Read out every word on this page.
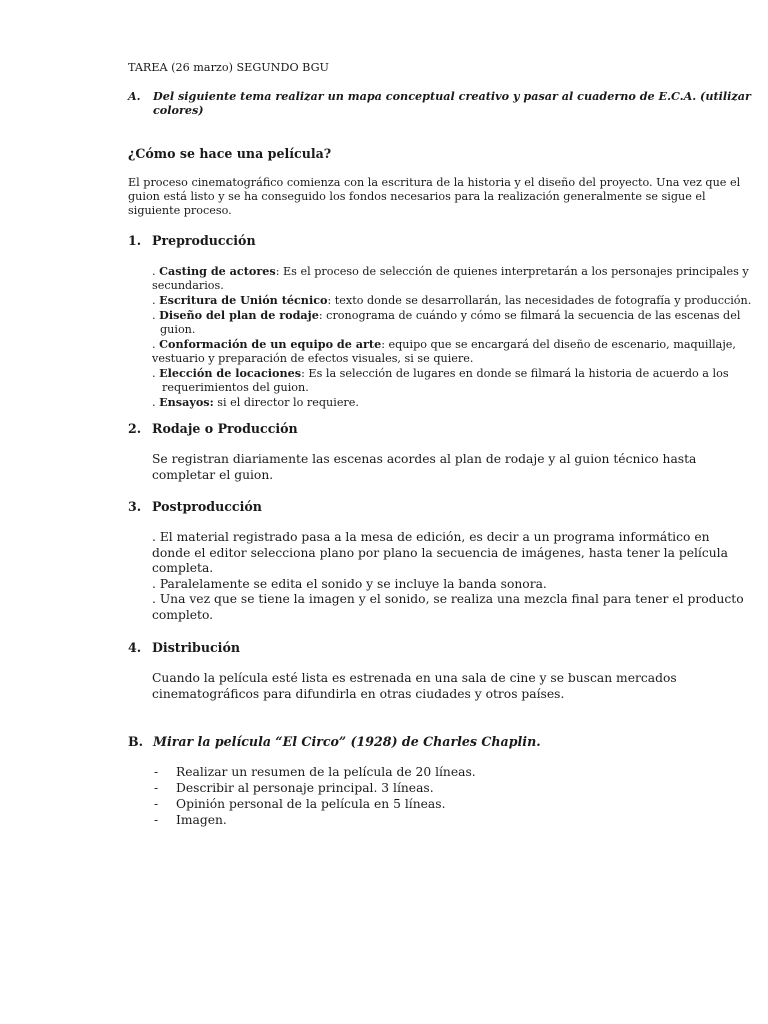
TAREA (26 marzo) SEGUNDO BGU
A. Del siguiente tema realizar un mapa conceptual creativo y pasar al cuaderno de E.C.A. (utilizar
colores)
¿Cómo se hace una película?
El proceso cinematográfico comienza con la escritura de la historia y el diseño del proyecto. Una vez que el
guion está listo y se ha conseguido los fondos necesarios para la realización generalmente se sigue el
siguiente proceso.
1. Preproducción
. Casting de actores: Es el proceso de selección de quienes interpretarán a los personajes principales y
secundarios.
. Escritura de Unión técnico: texto donde se desarrollarán, las necesidades de fotografía y producción.
. Diseño del plan de rodaje: cronograma de cuándo y cómo se filmará la secuencia de las escenas del
guion.
. Conformación de un equipo de arte: equipo que se encargará del diseño de escenario, maquillaje,
vestuario y preparación de efectos visuales, si se quiere.
. Elección de locaciones: Es la selección de lugares en donde se filmará la historia de acuerdo a los
requerimientos del guion.
. Ensayos: si el director lo requiere.
2. Rodaje o Producción
Se registran diariamente las escenas acordes al plan de rodaje y al guion técnico hasta
completar el guion.
3. Postproducción
. El material registrado pasa a la mesa de edición, es decir a un programa informático en
donde el editor selecciona plano por plano la secuencia de imágenes, hasta tener la película
completa.
. Paralelamente se edita el sonido y se incluye la banda sonora.
. Una vez que se tiene la imagen y el sonido, se realiza una mezcla final para tener el producto
completo.
4. Distribución
Cuando la película esté lista es estrenada en una sala de cine y se buscan mercados
cinematográficos para difundirla en otras ciudades y otros países.
B. Mirar la película “El Circo” (1928) de Charles Chaplin.
- Realizar un resumen de la película de 20 líneas.
- Describir al personaje principal. 3 líneas.
- Opinión personal de la película en 5 líneas.
- Imagen.
